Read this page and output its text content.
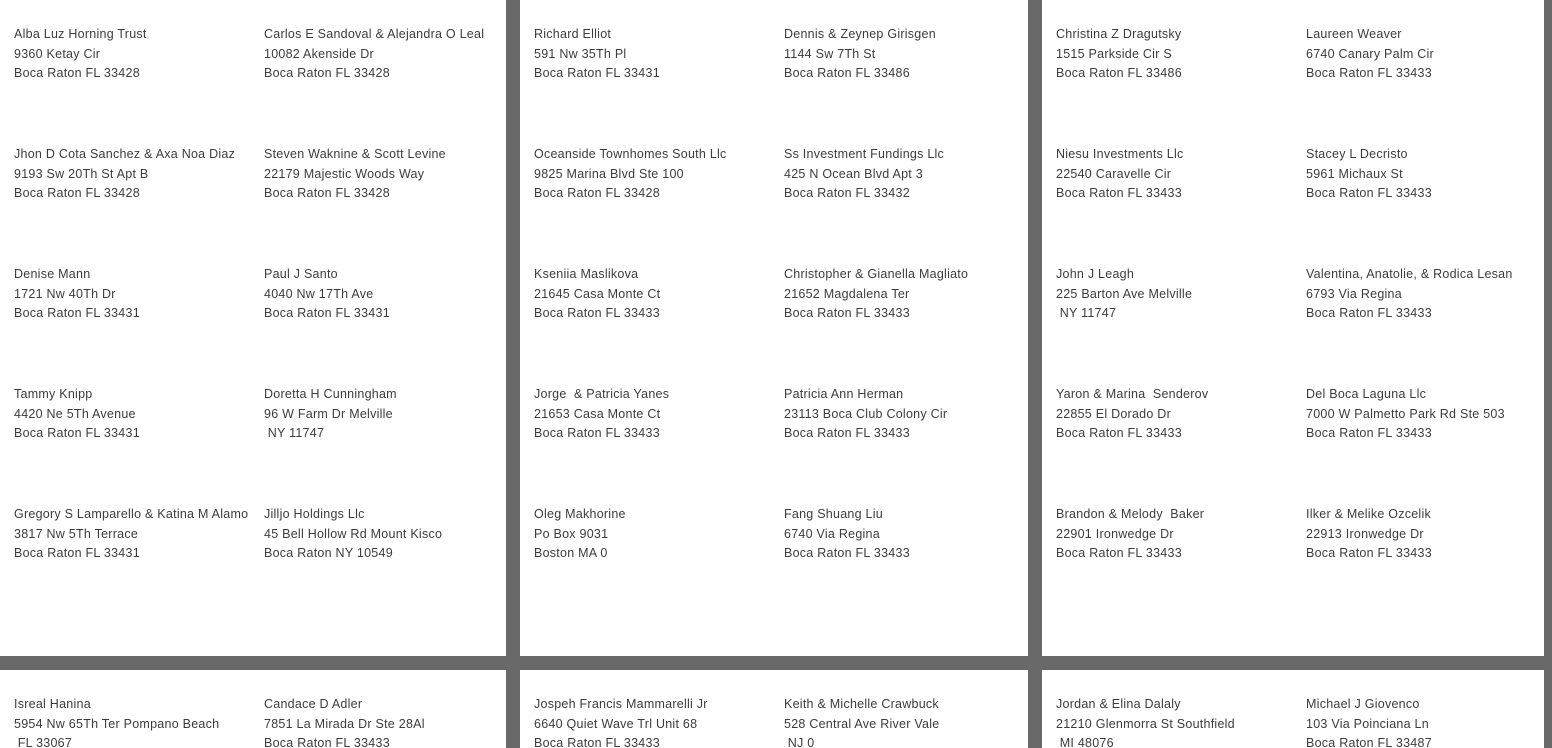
Alba Luz Horning Trust
9360 Ketay Cir
Boca Raton FL 33428
Carlos E Sandoval & Alejandra O Leal
10082 Akenside Dr
Boca Raton FL 33428
Jhon D Cota Sanchez & Axa Noa Diaz
9193 Sw 20Th St Apt B
Boca Raton FL 33428
Steven Waknine & Scott Levine
22179 Majestic Woods Way
Boca Raton FL 33428
Denise Mann
1721 Nw 40Th Dr
Boca Raton FL 33431
Paul J Santo
4040 Nw 17Th Ave
Boca Raton FL 33431
Tammy Knipp
4420 Ne 5Th Avenue
Boca Raton FL 33431
Doretta H Cunningham
96 W Farm Dr Melville
NY 11747
Gregory S Lamparello & Katina M Alamo
3817 Nw 5Th Terrace
Boca Raton FL 33431
Jilljo Holdings Llc
45 Bell Hollow Rd Mount Kisco
Boca Raton NY 10549
Richard Elliot
591 Nw 35Th Pl
Boca Raton FL 33431
Dennis & Zeynep Girisgen
1144 Sw 7Th St
Boca Raton FL 33486
Oceanside Townhomes South Llc
9825 Marina Blvd Ste 100
Boca Raton FL 33428
Ss Investment Fundings Llc
425 N Ocean Blvd Apt 3
Boca Raton FL 33432
Kseniia Maslikova
21645 Casa Monte Ct
Boca Raton FL 33433
Christopher & Gianella Magliato
21652 Magdalena Ter
Boca Raton FL 33433
Jorge  & Patricia Yanes
21653 Casa Monte Ct
Boca Raton FL 33433
Patricia Ann Herman
23113 Boca Club Colony Cir
Boca Raton FL 33433
Oleg Makhorine
Po Box 9031
Boston MA 0
Fang Shuang Liu
6740 Via Regina
Boca Raton FL 33433
Christina Z Dragutsky
1515 Parkside Cir S
Boca Raton FL 33486
Laureen Weaver
6740 Canary Palm Cir
Boca Raton FL 33433
Niesu Investments Llc
22540 Caravelle Cir
Boca Raton FL 33433
Stacey L Decristo
5961 Michaux St
Boca Raton FL 33433
John J Leagh
225 Barton Ave Melville
NY 11747
Valentina, Anatolie, & Rodica Lesan
6793 Via Regina
Boca Raton FL 33433
Yaron & Marina  Senderov
22855 El Dorado Dr
Boca Raton FL 33433
Del Boca Laguna Llc
7000 W Palmetto Park Rd Ste 503
Boca Raton FL 33433
Brandon & Melody  Baker
22901 Ironwedge Dr
Boca Raton FL 33433
Ilker & Melike Ozcelik
22913 Ironwedge Dr
Boca Raton FL 33433
Isreal Hanina
5954 Nw 65Th Ter Pompano Beach
FL 33067
Candace D Adler
7851 La Mirada Dr Ste 28Al
Boca Raton FL 33433
Jospeh Francis Mammarelli Jr
6640 Quiet Wave Trl Unit 68
Boca Raton FL 33433
Keith & Michelle Crawbuck
528 Central Ave River Vale
NJ 0
Jordan & Elina Dalaly
21210 Glenmorra St Southfield
MI 48076
Michael J Giovenco
103 Via Poinciana Ln
Boca Raton FL 33487
